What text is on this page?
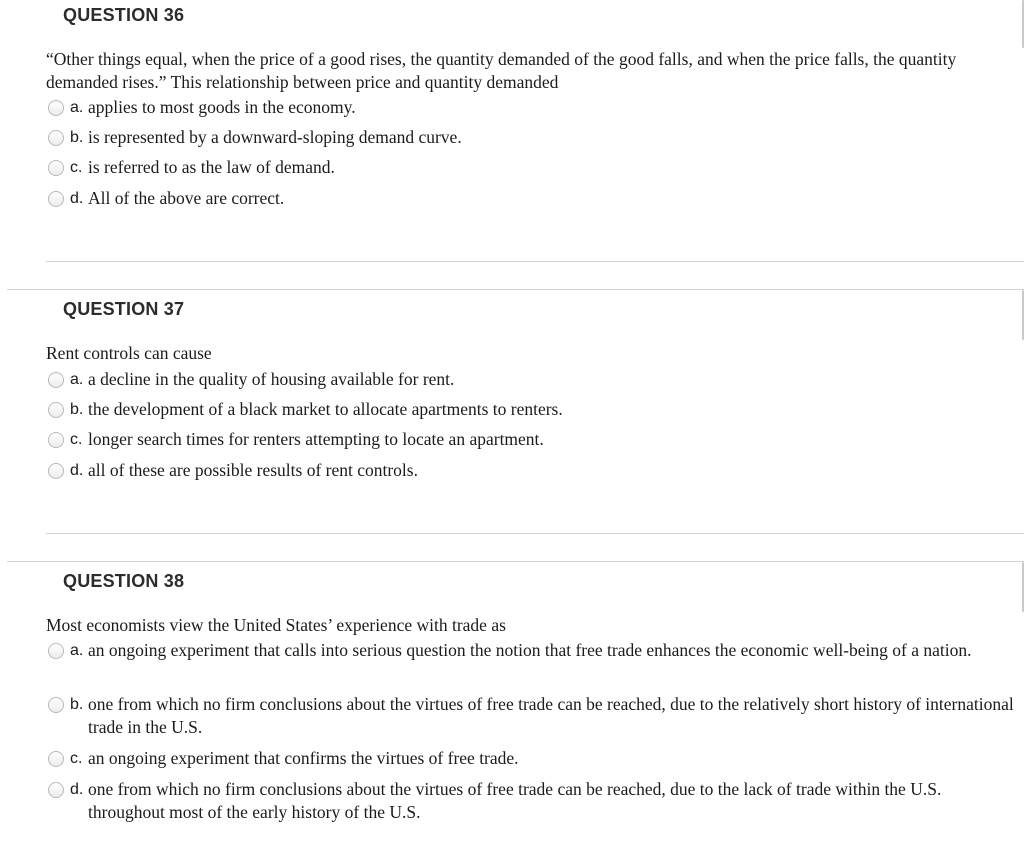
QUESTION 36
“Other things equal, when the price of a good rises, the quantity demanded of the good falls, and when the price falls, the quantity demanded rises.” This relationship between price and quantity demanded
a. applies to most goods in the economy.
b. is represented by a downward-sloping demand curve.
c. is referred to as the law of demand.
d. All of the above are correct.
QUESTION 37
Rent controls can cause
a. a decline in the quality of housing available for rent.
b. the development of a black market to allocate apartments to renters.
c. longer search times for renters attempting to locate an apartment.
d. all of these are possible results of rent controls.
QUESTION 38
Most economists view the United States’ experience with trade as
a. an ongoing experiment that calls into serious question the notion that free trade enhances the economic well-being of a nation.
b. one from which no firm conclusions about the virtues of free trade can be reached, due to the relatively short history of international trade in the U.S.
c. an ongoing experiment that confirms the virtues of free trade.
d. one from which no firm conclusions about the virtues of free trade can be reached, due to the lack of trade within the U.S. throughout most of the early history of the U.S.
